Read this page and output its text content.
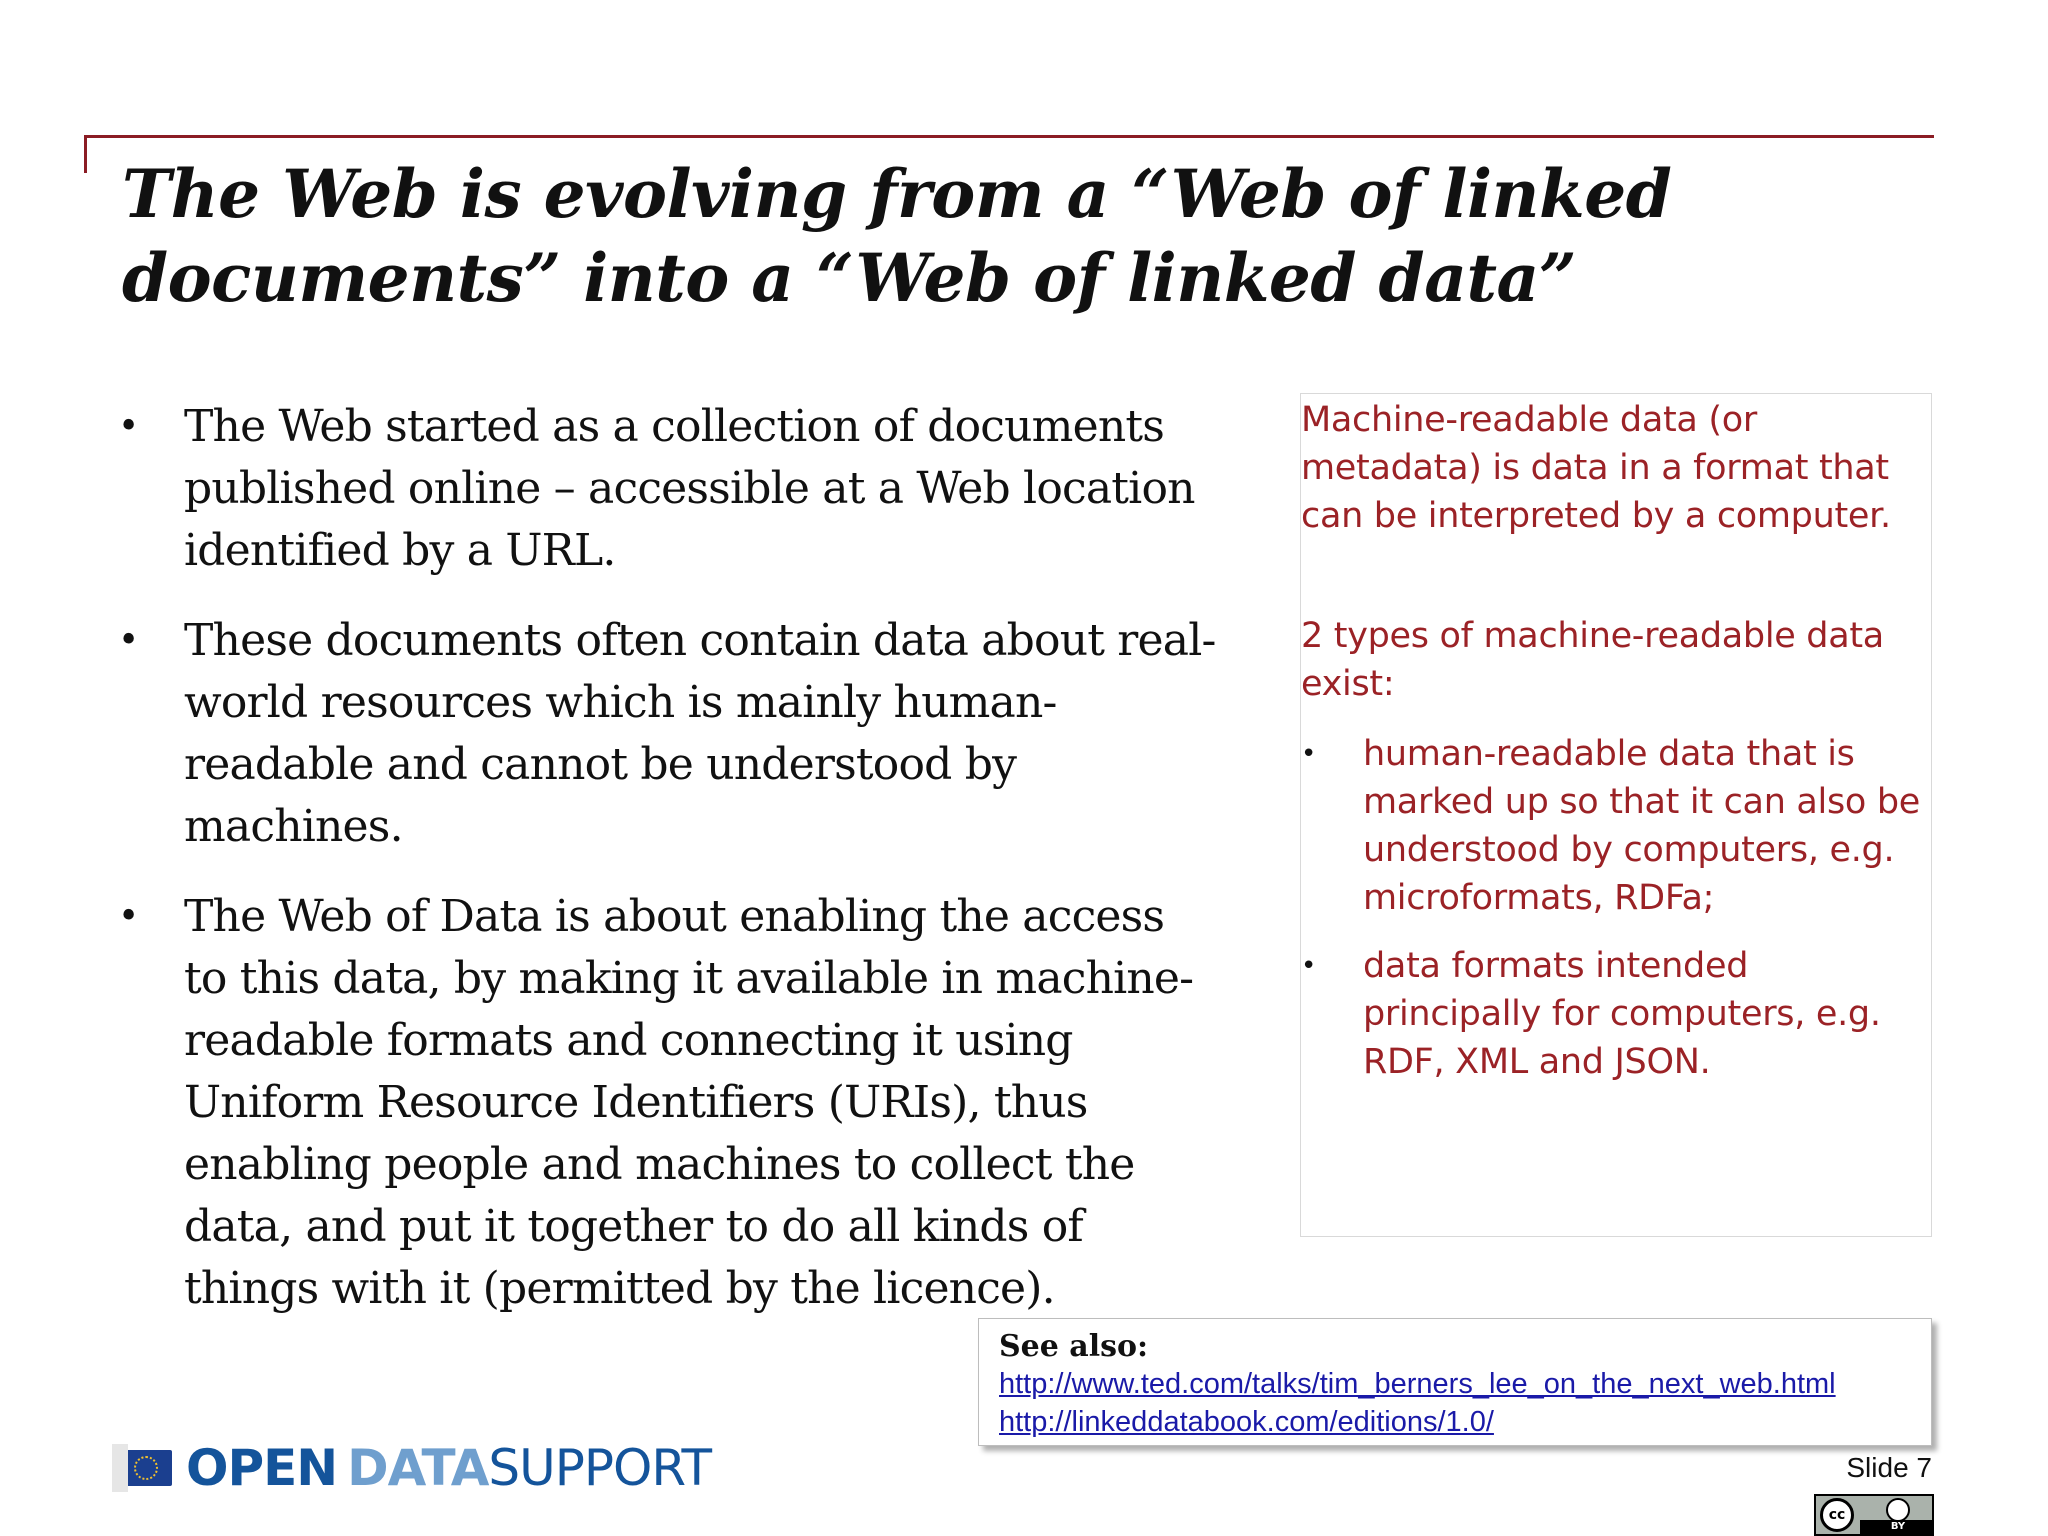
The Web is evolving from a “Web of linked
documents” into a “Web of linked data”
• The Web started as a collection of documents published online – accessible at a Web location identified by a URL.
• These documents often contain data about real-world resources which is mainly human-readable and cannot be understood by machines.
• The Web of Data is about enabling the access to this data, by making it available in machine-readable formats and connecting it using Uniform Resource Identifiers (URIs), thus enabling people and machines to collect the data, and put it together to do all kinds of things with it (permitted by the licence).

Machine-readable data (or metadata) is data in a format that can be interpreted by a computer.

2 types of machine-readable data exist:

• human-readable data that is marked up so that it can also be understood by computers, e.g. microformats, RDFa;
• data formats intended principally for computers, e.g. RDF, XML and JSON.

See also:

http://www.ted.com/talks/tim_berners_lee_on_the_next_web.html
http://linkeddatabook.com/editions/1.0/
OPEN DATASUPPORT	Slide 7
cc
BY
